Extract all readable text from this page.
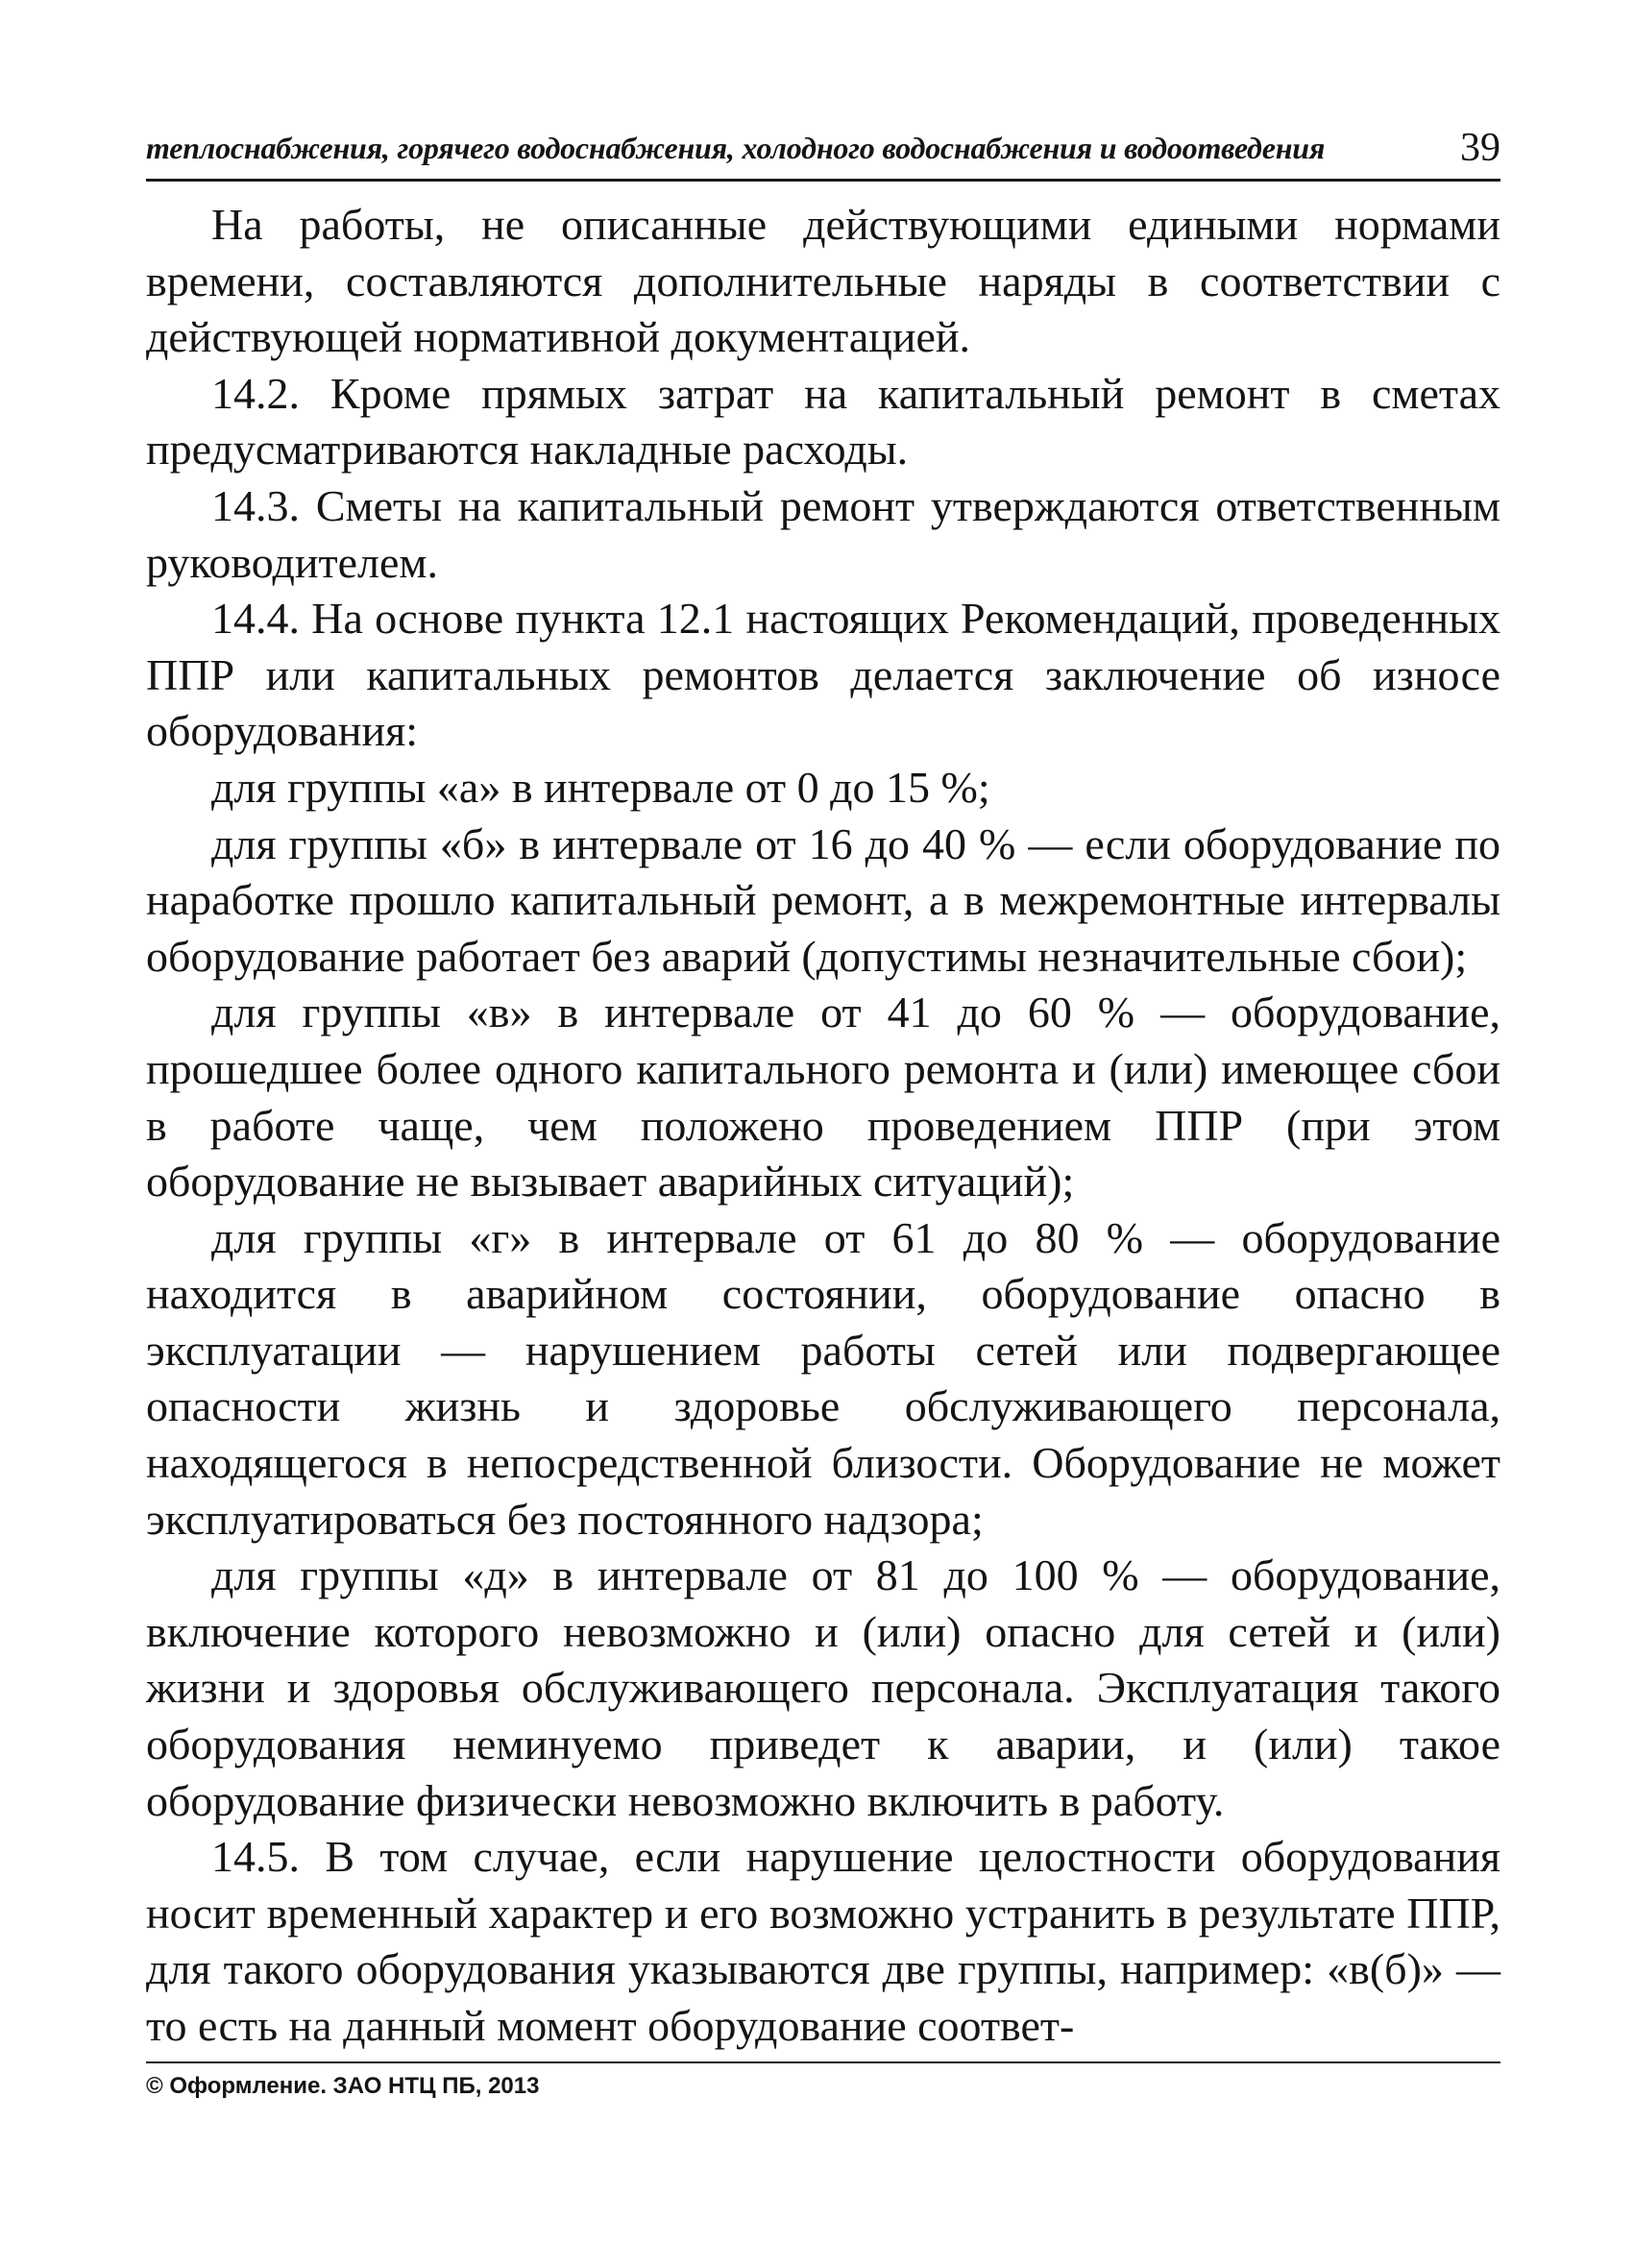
теплоснабжения, горячего водоснабжения, холодного водоснабжения и водоотведения	39

На работы, не описанные действующими едиными нормами времени, составляются дополнительные наряды в соответствии с действующей нормативной документацией.

14.2. Кроме прямых затрат на капитальный ремонт в сметах предусматриваются накладные расходы.

14.3. Сметы на капитальный ремонт утверждаются ответственным руководителем.

14.4. На основе пункта 12.1 настоящих Рекомендаций, проведенных ППР или капитальных ремонтов делается заключение об износе оборудования:

для группы «а» в интервале от 0 до 15 %;

для группы «б» в интервале от 16 до 40 % — если оборудование по наработке прошло капитальный ремонт, а в межремонтные интервалы оборудование работает без аварий (допустимы незначительные сбои);

для группы «в» в интервале от 41 до 60 % — оборудование, прошедшее более одного капитального ремонта и (или) имеющее сбои в работе чаще, чем положено проведением ППР (при этом оборудование не вызывает аварийных ситуаций);

для группы «г» в интервале от 61 до 80 % — оборудование находится в аварийном состоянии, оборудование опасно в эксплуатации — нарушением работы сетей или подвергающее опасности жизнь и здоровье обслуживающего персонала, находящегося в непосредственной близости. Оборудование не может эксплуатироваться без постоянного надзора;

для группы «д» в интервале от 81 до 100 % — оборудование, включение которого невозможно и (или) опасно для сетей и (или) жизни и здоровья обслуживающего персонала. Эксплуатация такого оборудования неминуемо приведет к аварии, и (или) такое оборудование физически невозможно включить в работу.

14.5. В том случае, если нарушение целостности оборудования носит временный характер и его возможно устранить в результате ППР, для такого оборудования указываются две группы, например: «в(б)» — то есть на данный момент оборудование соответ-

© Оформление. ЗАО НТЦ ПБ, 2013
